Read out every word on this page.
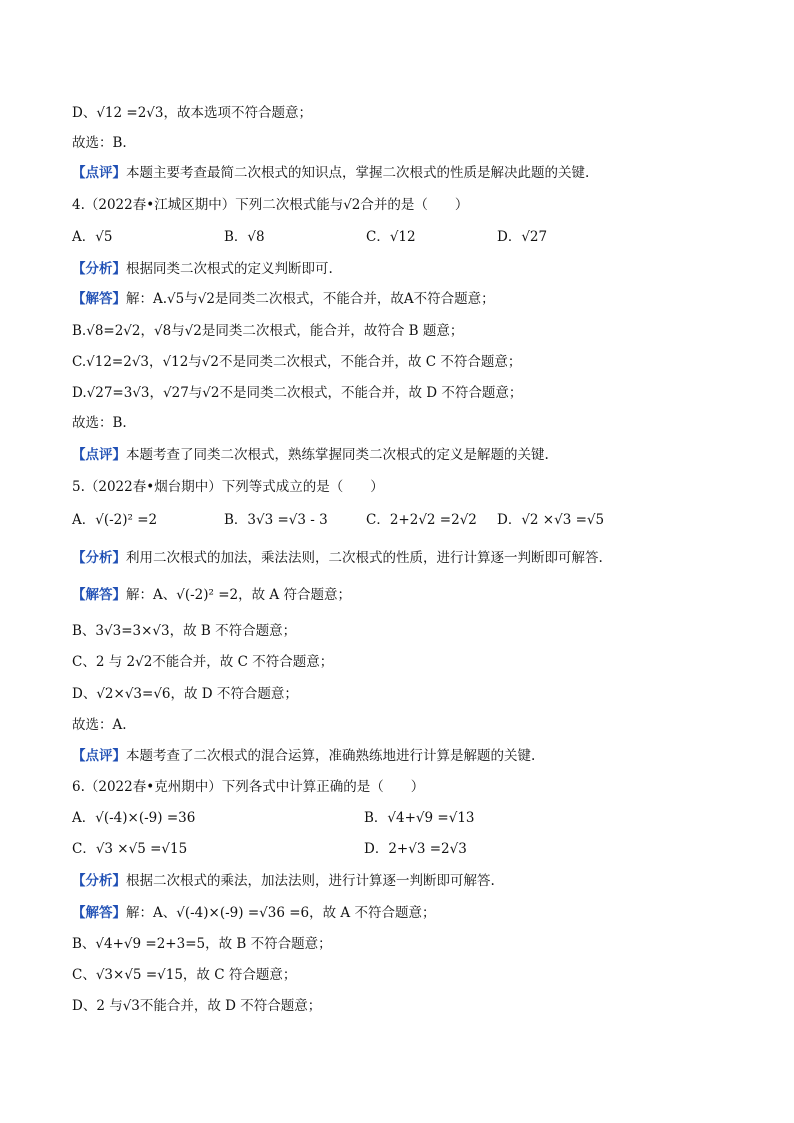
D、√12 =2√3，故本选项不符合题意；
故选：B.
【点评】本题主要考查最简二次根式的知识点，掌握二次根式的性质是解决此题的关键.
4.（2022春•江城区期中）下列二次根式能与√2合并的是（　　）
A．√5	B．√8	C．√12	D．√27
【分析】根据同类二次根式的定义判断即可.
【解答】解：A.√5与√2是同类二次根式，不能合并，故A不符合题意；
B.√8=2√2，√8与√2是同类二次根式，能合并，故符合 B 题意；
C.√12=2√3，√12与√2不是同类二次根式，不能合并，故 C 不符合题意；
D.√27=3√3，√27与√2不是同类二次根式，不能合并，故 D 不符合题意；
故选：B.
【点评】本题考查了同类二次根式，熟练掌握同类二次根式的定义是解题的关键.
5.（2022春•烟台期中）下列等式成立的是（　　）
A．√(-2)² =2	B．3√3 =√3 - 3	C．2+2√2 =2√2 D．√2 ×√3 =√5
【分析】利用二次根式的加法，乘法法则，二次根式的性质，进行计算逐一判断即可解答.
【解答】解：A、√(-2)² =2，故 A 符合题意；
B、3√3=3×√3，故 B 不符合题意；
C、2 与 2√2不能合并，故 C 不符合题意；
D、√2×√3=√6，故 D 不符合题意；
故选：A.
【点评】本题考查了二次根式的混合运算，准确熟练地进行计算是解题的关键.
6.（2022春•克州期中）下列各式中计算正确的是（　　）
A．√(-4)×(-9) =36	B．√4+√9 =√13
C．√3 ×√5 =√15	D．2+√3 =2√3
【分析】根据二次根式的乘法，加法法则，进行计算逐一判断即可解答.
【解答】解：A、√(-4)×(-9) =√36 =6，故 A 不符合题意；
B、√4+√9 =2+3=5，故 B 不符合题意；
C、√3×√5 =√15，故 C 符合题意；
D、2 与√3不能合并，故 D 不符合题意；
